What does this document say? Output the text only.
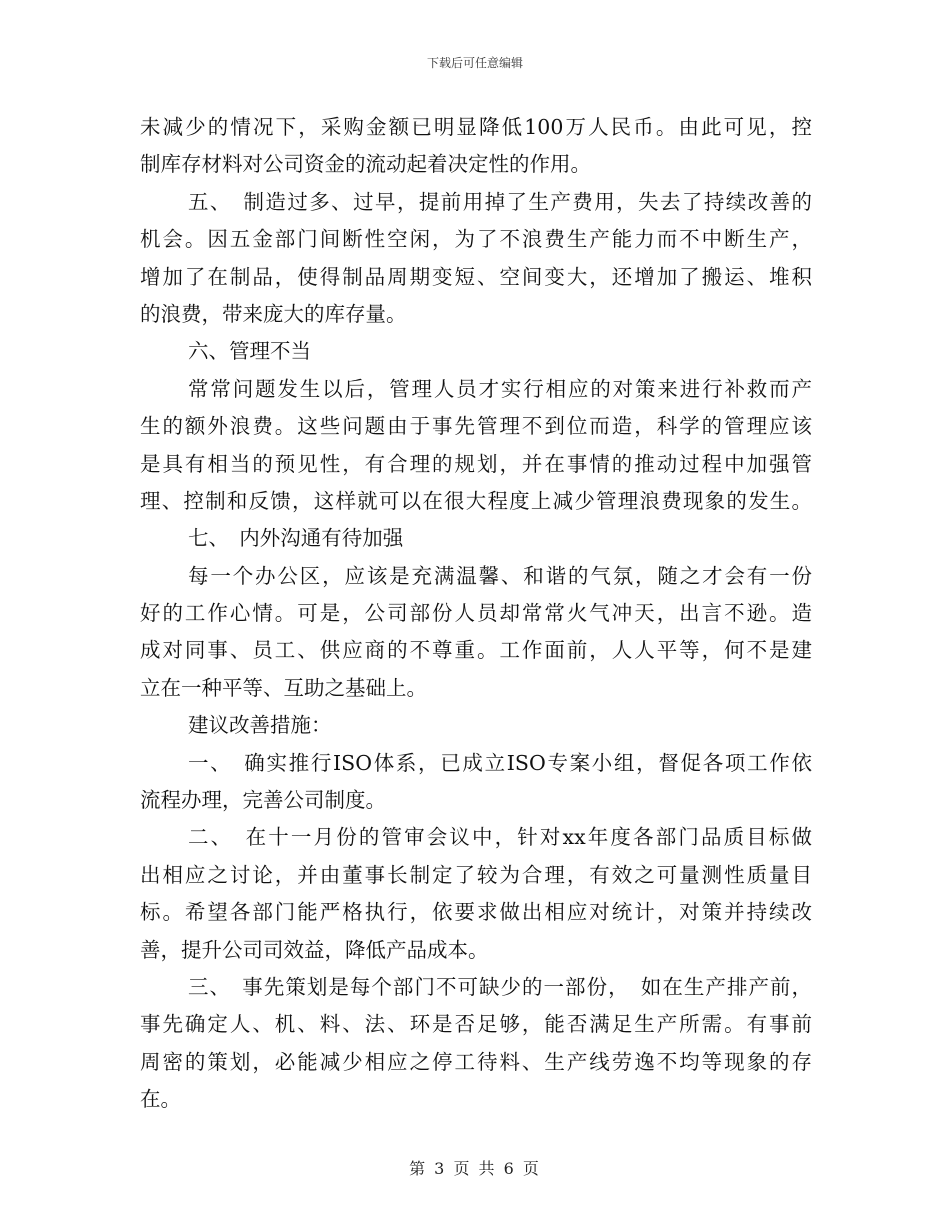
下载后可任意编辑
未减少的情况下，采购金额已明显降低100万人民币。由此可见，控
制库存材料对公司资金的流动起着决定性的作用。
五、　制造过多、过早，提前用掉了生产费用，失去了持续改善的
机会。因五金部门间断性空闲，为了不浪费生产能力而不中断生产，
增加了在制品，使得制品周期变短、空间变大，还增加了搬运、堆积
的浪费，带来庞大的库存量。
六、管理不当
常常问题发生以后，管理人员才实行相应的对策来进行补救而产
生的额外浪费。这些问题由于事先管理不到位而造，科学的管理应该
是具有相当的预见性，有合理的规划，并在事情的推动过程中加强管
理、控制和反馈，这样就可以在很大程度上减少管理浪费现象的发生。
七、　内外沟通有待加强
每一个办公区，应该是充满温馨、和谐的气氛，随之才会有一份
好的工作心情。可是，公司部份人员却常常火气冲天，出言不逊。造
成对同事、员工、供应商的不尊重。工作面前，人人平等，何不是建
立在一种平等、互助之基础上。
建议改善措施：
一、　确实推行ISO体系，已成立ISO专案小组，督促各项工作依
流程办理，完善公司制度。
二、　在十一月份的管审会议中，针对xx年度各部门品质目标做
出相应之讨论，并由董事长制定了较为合理，有效之可量测性质量目
标。希望各部门能严格执行，依要求做出相应对统计，对策并持续改
善，提升公司司效益，降低产品成本。
三、　事先策划是每个部门不可缺少的一部份，　如在生产排产前，
事先确定人、机、料、法、环是否足够，能否满足生产所需。有事前
周密的策划，必能减少相应之停工待料、生产线劳逸不均等现象的存
在。
第 3 页 共 6 页
